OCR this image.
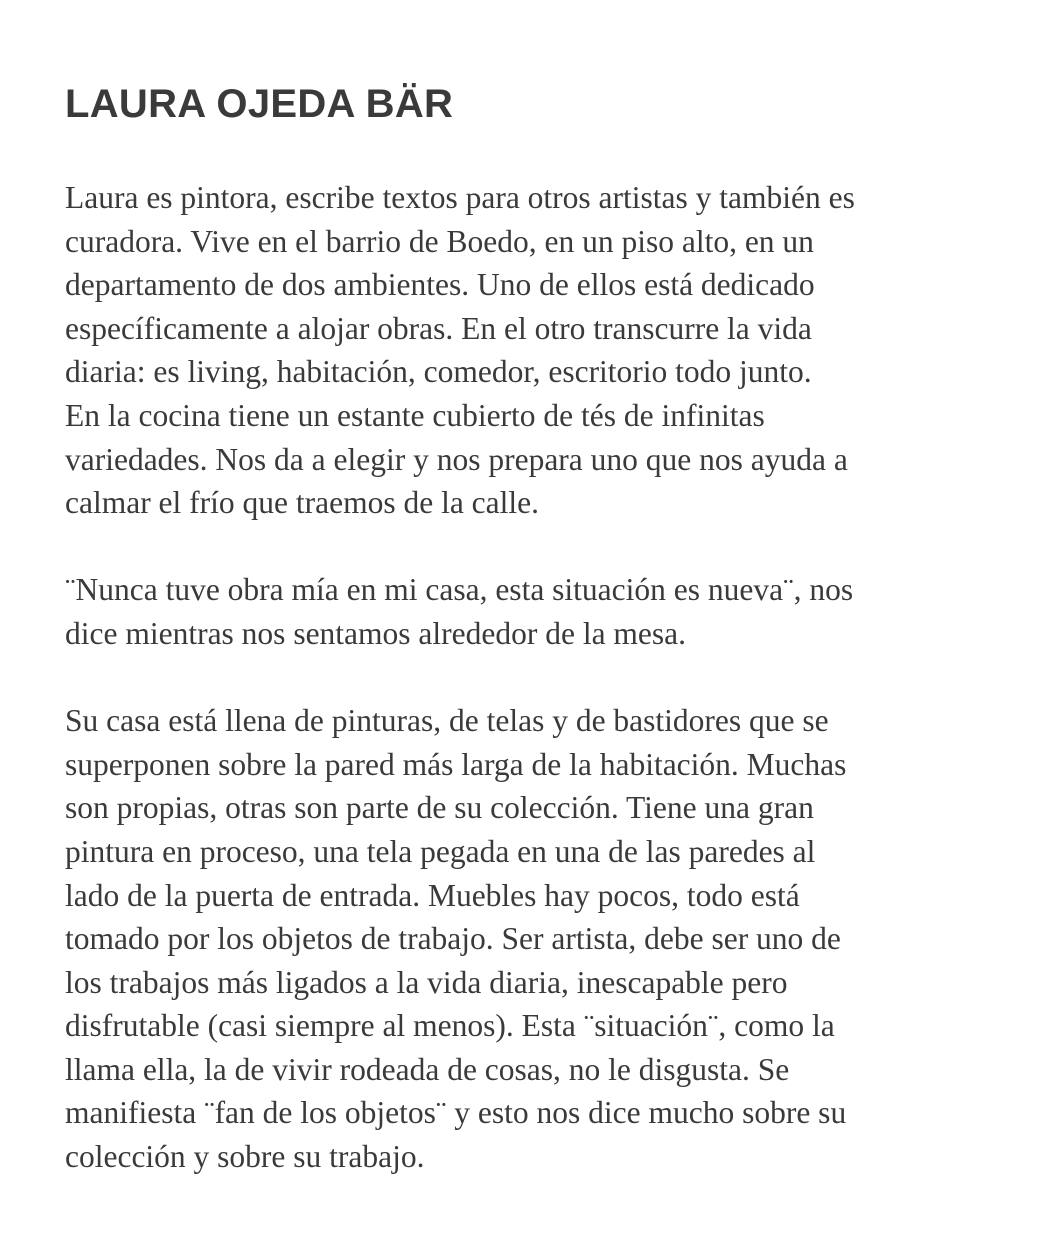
LAURA OJEDA BÄR

Laura es pintora, escribe textos para otros artistas y también es
curadora. Vive en el barrio de Boedo, en un piso alto, en un
departamento de dos ambientes. Uno de ellos está dedicado
específicamente a alojar obras. En el otro transcurre la vida
diaria: es living, habitación, comedor, escritorio todo junto.
En la cocina tiene un estante cubierto de tés de infinitas
variedades. Nos da a elegir y nos prepara uno que nos ayuda a
calmar el frío que traemos de la calle.

¨Nunca tuve obra mía en mi casa, esta situación es nueva¨, nos
dice mientras nos sentamos alrededor de la mesa.

Su casa está llena de pinturas, de telas y de bastidores que se
superponen sobre la pared más larga de la habitación. Muchas
son propias, otras son parte de su colección. Tiene una gran
pintura en proceso, una tela pegada en una de las paredes al
lado de la puerta de entrada. Muebles hay pocos, todo está
tomado por los objetos de trabajo. Ser artista, debe ser uno de
los trabajos más ligados a la vida diaria, inescapable pero
disfrutable (casi siempre al menos). Esta ¨situación¨, como la
llama ella, la de vivir rodeada de cosas, no le disgusta. Se
manifiesta ¨fan de los objetos¨ y esto nos dice mucho sobre su
colección y sobre su trabajo.
